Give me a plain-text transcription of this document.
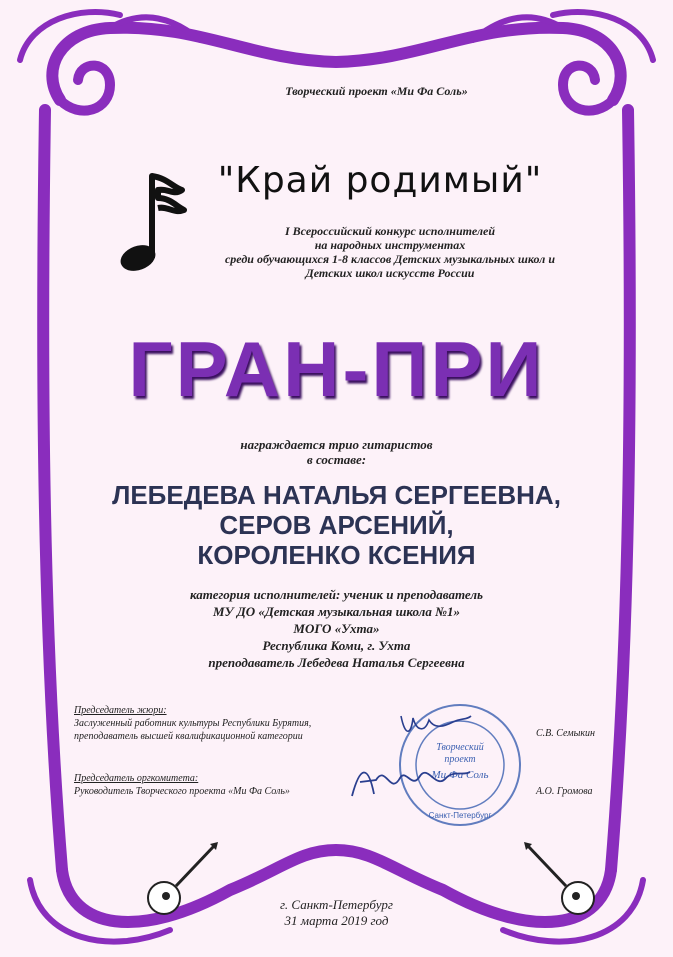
Творческий проект «Ми Фа Соль»
"Край родимый"
I Всероссийский конкурс исполнителей
на народных инструментах
среди обучающихся 1-8 классов Детских музыкальных школ и
Детских школ искусств России
ГРАН-ПРИ
награждается трио гитаристов
в составе:
ЛЕБЕДЕВА НАТАЛЬЯ СЕРГЕЕВНА,
СЕРОВ АРСЕНИЙ,
КОРОЛЕНКО КСЕНИЯ
категория исполнителей: ученик и преподаватель
МУ ДО «Детская музыкальная школа №1»
МОГО «Ухта»
Республика Коми, г. Ухта
преподаватель Лебедева Наталья Сергеевна
Председатель жюри:
Заслуженный работник культуры Республики Бурятия,
преподаватель высшей квалификационной категории	С.В. Семыкин
Председатель оргкомитета:
Руководитель Творческого проекта «Ми Фа Соль»	А.О. Громова
Творческий
проект
Ми Фа Соль
Санкт-Петербург
г. Санкт-Петербург
31 марта 2019 год
